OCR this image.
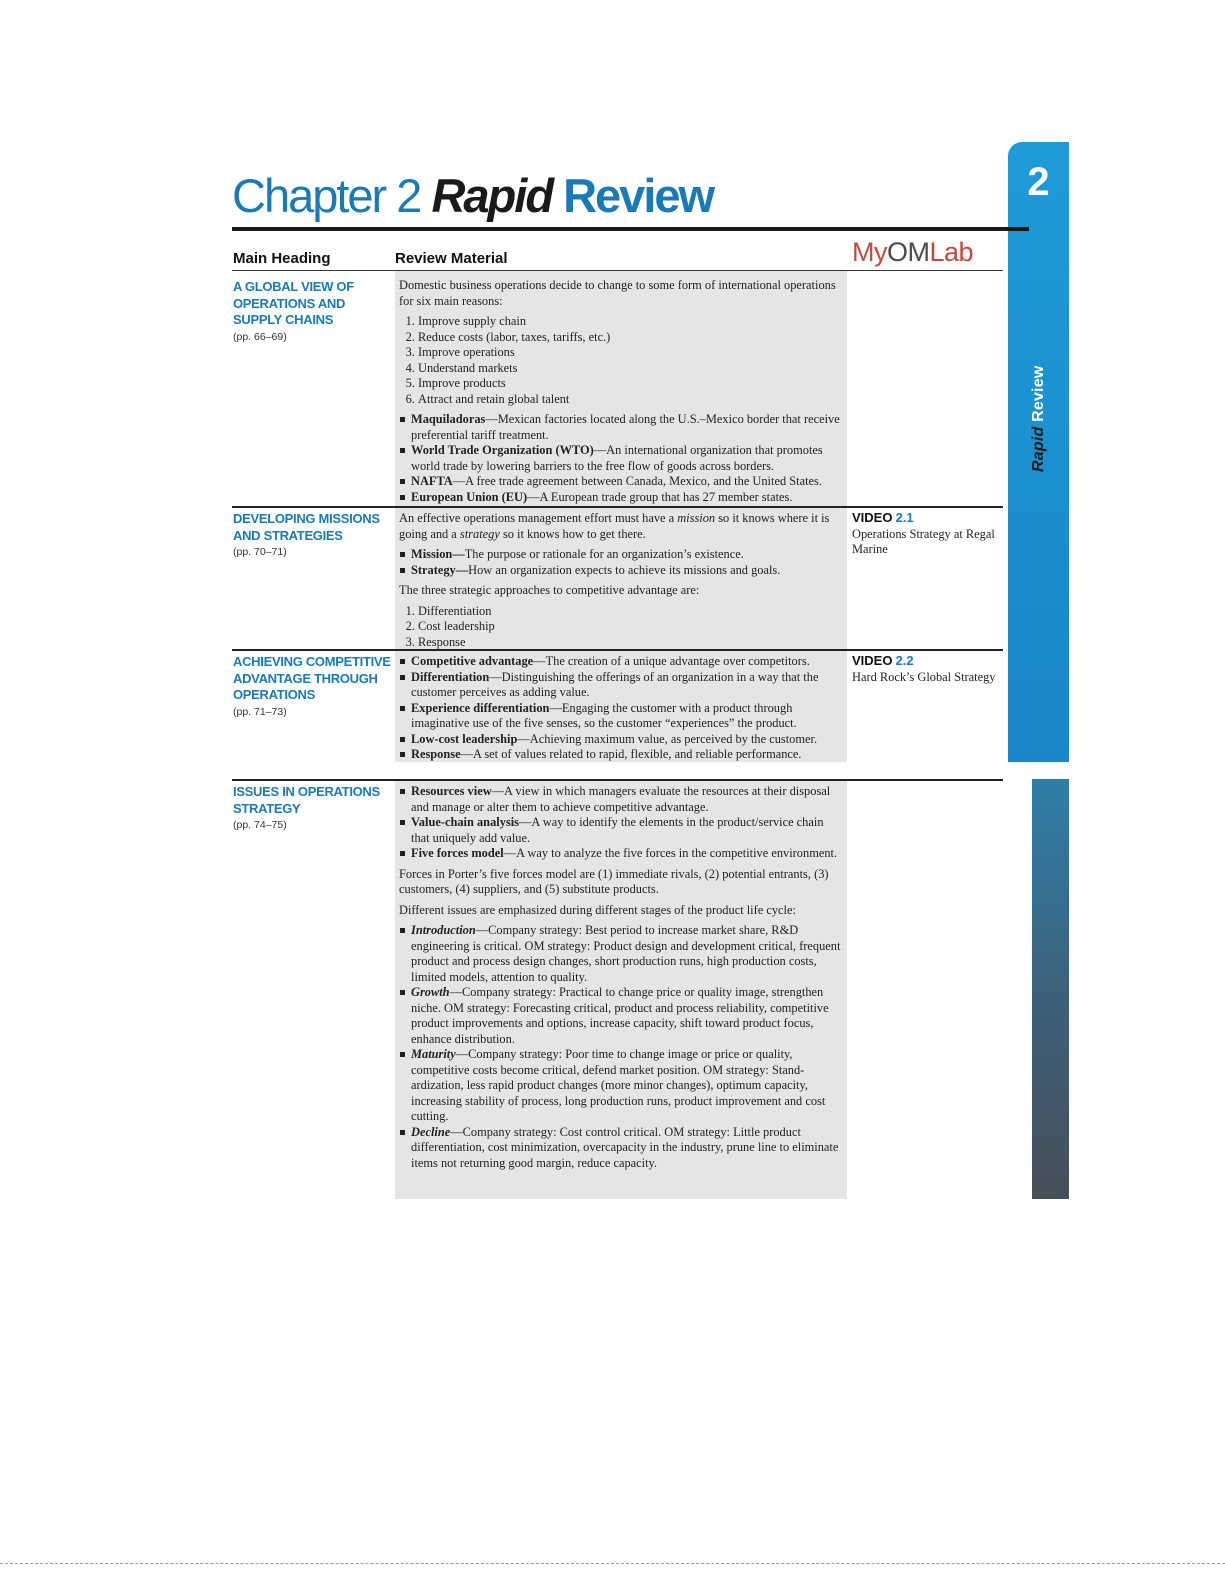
2
Rapid Review
Chapter 2 Rapid Review
Main Heading	Review Material	MyOMLab
A GLOBAL VIEW OF OPERATIONS AND SUPPLY CHAINS
(pp. 66–69)

Domestic business operations decide to change to some form of international operations for six main reasons:

1. Improve supply chain
2. Reduce costs (labor, taxes, tariffs, etc.)
3. Improve operations
4. Understand markets
5. Improve products
6. Attract and retain global talent
Maquiladoras—Mexican factories located along the U.S.–Mexico border that receive preferential tariff treatment.
World Trade Organization (WTO)—An international organization that promotes world trade by lowering barriers to the free flow of goods across borders.
NAFTA—A free trade agreement between Canada, Mexico, and the United States.
European Union (EU)—A European trade group that has 27 member states.
DEVELOPING MISSIONS AND STRATEGIES
(pp. 70–71)

An effective operations management effort must have a mission so it knows where it is going and a strategy so it knows how to get there.

Mission—The purpose or rationale for an organization’s existence.
Strategy—How an organization expects to achieve its missions and goals.

The three strategic approaches to competitive advantage are:

1. Differentiation
2. Cost leadership
3. Response
VIDEO 2.1
Operations Strategy at Regal Marine
ACHIEVING COMPETITIVE ADVANTAGE THROUGH OPERATIONS
(pp. 71–73)
Competitive advantage—The creation of a unique advantage over competitors.
Differentiation—Distinguishing the offerings of an organization in a way that the customer perceives as adding value.
Experience differentiation—Engaging the customer with a product through imaginative use of the five senses, so the customer “experiences” the product.
Low-cost leadership—Achieving maximum value, as perceived by the customer.
Response—A set of values related to rapid, flexible, and reliable performance.
VIDEO 2.2
Hard Rock’s Global Strategy
ISSUES IN OPERATIONS STRATEGY
(pp. 74–75)
Resources view—A view in which managers evaluate the resources at their disposal and manage or alter them to achieve competitive advantage.
Value-chain analysis—A way to identify the elements in the product/service chain that uniquely add value.
Five forces model—A way to analyze the five forces in the competitive environment.

Forces in Porter’s five forces model are (1) immediate rivals, (2) potential entrants, (3) customers, (4) suppliers, and (5) substitute products.

Different issues are emphasized during different stages of the product life cycle:

Introduction—Company strategy: Best period to increase market share, R&D engineering is critical. OM strategy: Product design and development critical, frequent product and process design changes, short production runs, high production costs, limited models, attention to quality.
Growth—Company strategy: Practical to change price or quality image, strengthen niche. OM strategy: Forecasting critical, product and process reliability, competitive product improvements and options, increase capacity, shift toward product focus, enhance distribution.
Maturity—Company strategy: Poor time to change image or price or quality, competitive costs become critical, defend market position. OM strategy: Stand-ardization, less rapid product changes (more minor changes), optimum capacity, increasing stability of process, long production runs, product improvement and cost cutting.
Decline—Company strategy: Cost control critical. OM strategy: Little product differentiation, cost minimization, overcapacity in the industry, prune line to eliminate items not returning good margin, reduce capacity.
